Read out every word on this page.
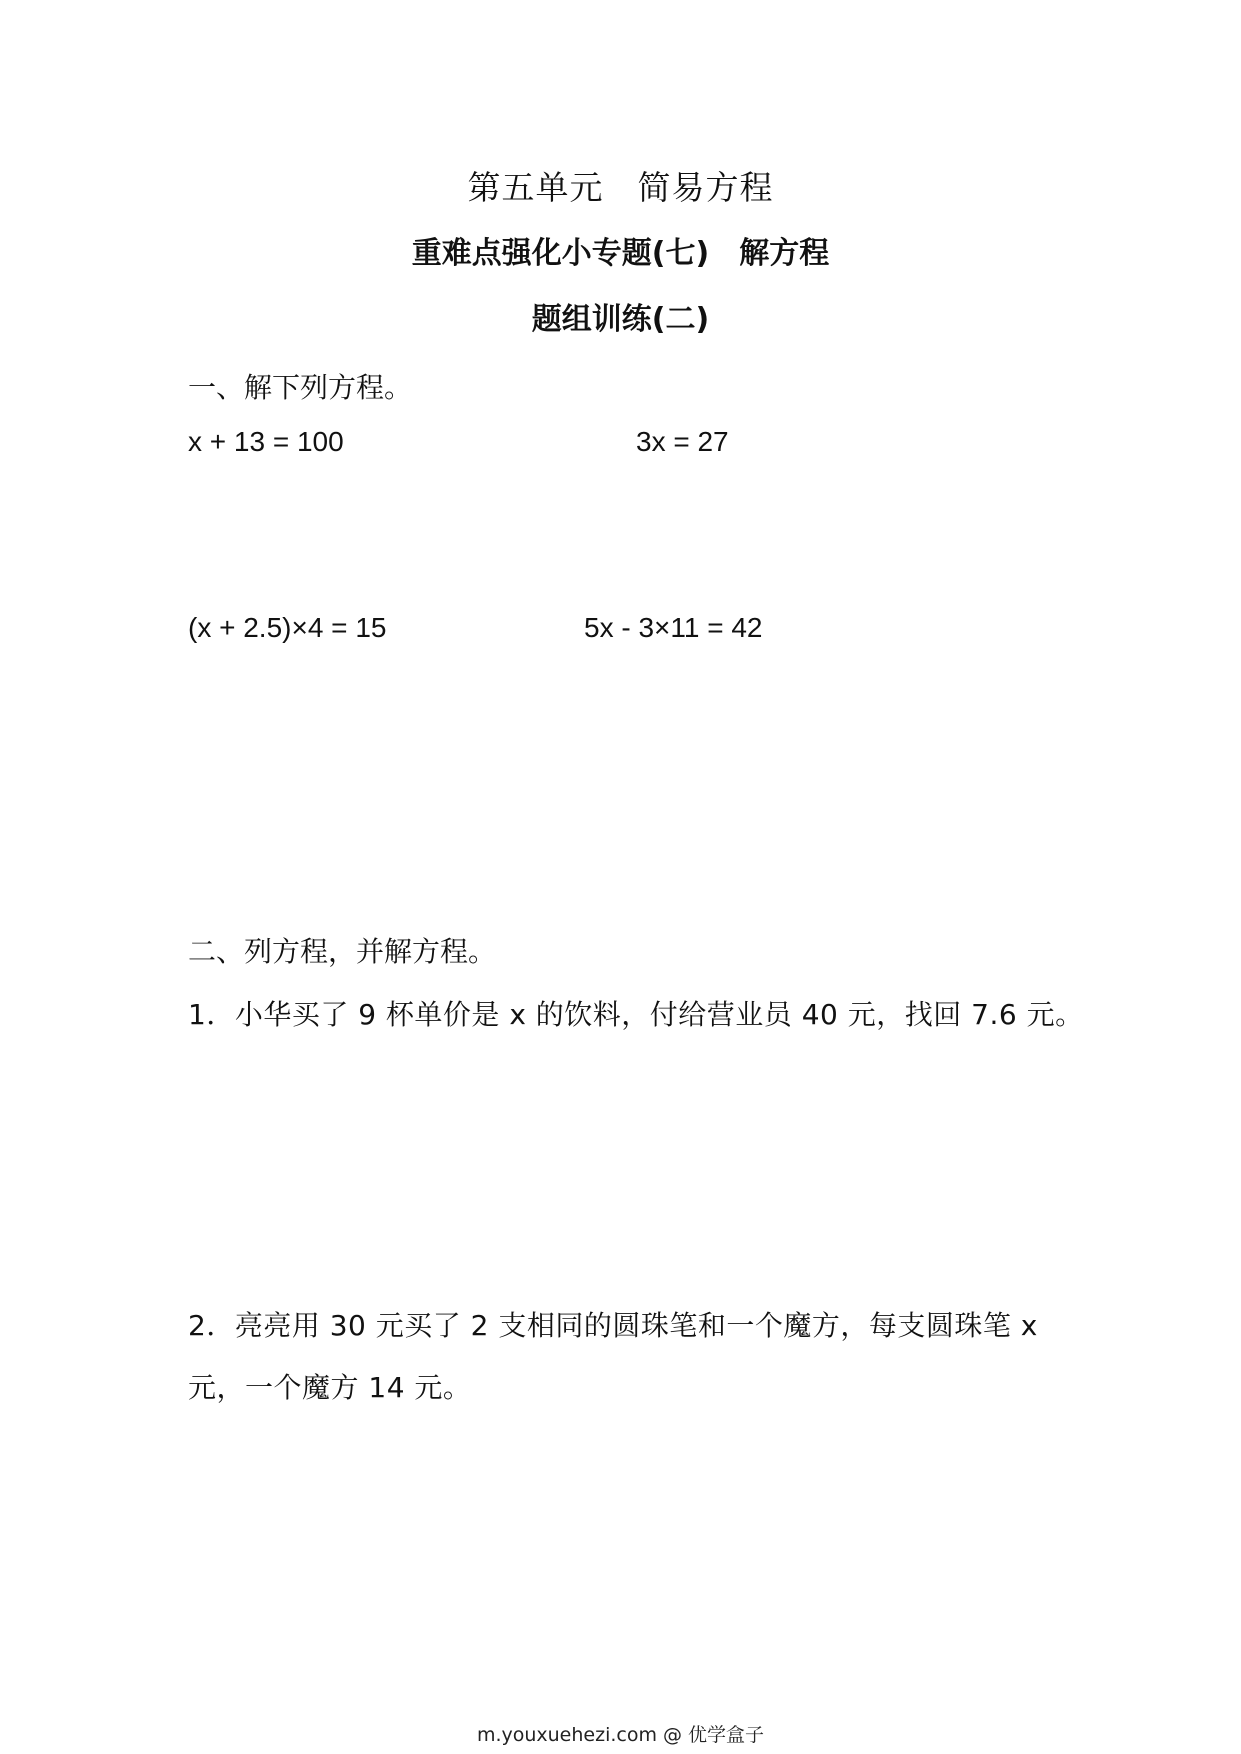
第五单元 简易方程
重难点强化小专题(七) 解方程
题组训练(二)
一、解下列方程。
x + 13 = 100	3x = 27
(x + 2.5)×4 = 15	5x - 3×11 = 42
二、列方程，并解方程。
1．小华买了 9 杯单价是 x 的饮料，付给营业员 40 元，找回 7.6 元。
2．亮亮用 30 元买了 2 支相同的圆珠笔和一个魔方，每支圆珠笔 x
元，一个魔方 14 元。
m.youxuehezi.com @ 优学盒子
